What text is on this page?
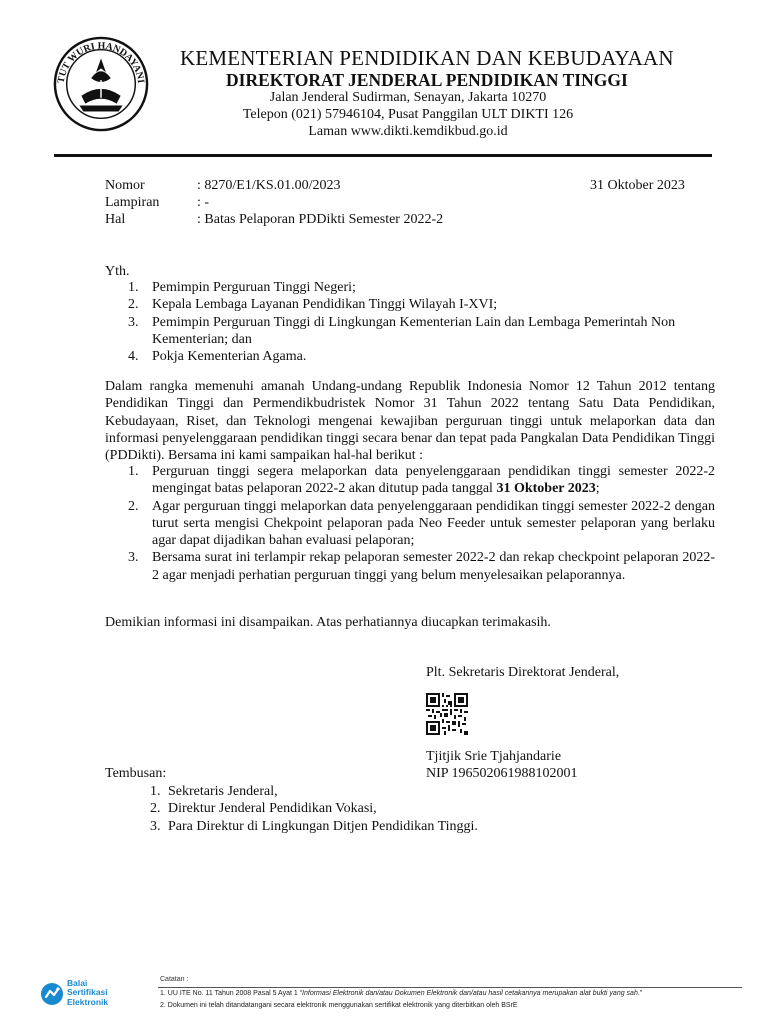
TUT WURI HANDAYANI
KEMENTERIAN PENDIDIKAN DAN KEBUDAYAAN
DIREKTORAT JENDERAL PENDIDIKAN TINGGI
Jalan Jenderal Sudirman, Senayan, Jakarta 10270
Telepon (021) 57946104, Pusat Panggilan ULT DIKTI 126
Laman www.dikti.kemdikbud.go.id
Nomor	: 8270/E1/KS.01.00/2023
Lampiran	: -
Hal	: Batas Pelaporan PDDikti Semester 2022-2
31 Oktober 2023
Yth.
1. Pemimpin Perguruan Tinggi Negeri;
2. Kepala Lembaga Layanan Pendidikan Tinggi Wilayah I-XVI;
3. Pemimpin Perguruan Tinggi di Lingkungan Kementerian Lain dan Lembaga Pemerintah Non Kementerian; dan
4. Pokja Kementerian Agama.
Dalam rangka memenuhi amanah Undang-undang Republik Indonesia Nomor 12 Tahun 2012 tentang Pendidikan Tinggi dan Permendikbudristek Nomor 31 Tahun 2022 tentang Satu Data Pendidikan, Kebudayaan, Riset, dan Teknologi mengenai kewajiban perguruan tinggi untuk melaporkan data dan informasi penyelenggaraan pendidikan tinggi secara benar dan tepat pada Pangkalan Data Pendidikan Tinggi (PDDikti). Bersama ini kami sampaikan hal-hal berikut :
1. Perguruan tinggi segera melaporkan data penyelenggaraan pendidikan tinggi semester 2022-2 mengingat batas pelaporan 2022-2 akan ditutup pada tanggal 31 Oktober 2023;
2. Agar perguruan tinggi melaporkan data penyelenggaraan pendidikan tinggi semester 2022-2 dengan turut serta mengisi Chekpoint pelaporan pada Neo Feeder untuk semester pelaporan yang berlaku agar dapat dijadikan bahan evaluasi pelaporan;
3. Bersama surat ini terlampir rekap pelaporan semester 2022-2 dan rekap checkpoint pelaporan 2022-2 agar menjadi perhatian perguruan tinggi yang belum menyelesaikan pelaporannya.
Demikian informasi ini disampaikan. Atas perhatiannya diucapkan terimakasih.
Plt. Sekretaris Direktorat Jenderal,
Tjitjik Srie Tjahjandarie
NIP 196502061988102001
Tembusan:
1. Sekretaris Jenderal,
2. Direktur Jenderal Pendidikan Vokasi,
3. Para Direktur di Lingkungan Ditjen Pendidikan Tinggi.
Balai
Sertifikasi
Elektronik
Catatan :
1. UU ITE No. 11 Tahun 2008 Pasal 5 Ayat 1 “Informasi Elektronik dan/atau Dokumen Elektronik dan/atau hasil cetakannya merupakan alat bukti yang sah.”
2. Dokumen ini telah ditandatangani secara elektronik menggunakan sertifikat elektronik yang diterbitkan oleh BSrE
